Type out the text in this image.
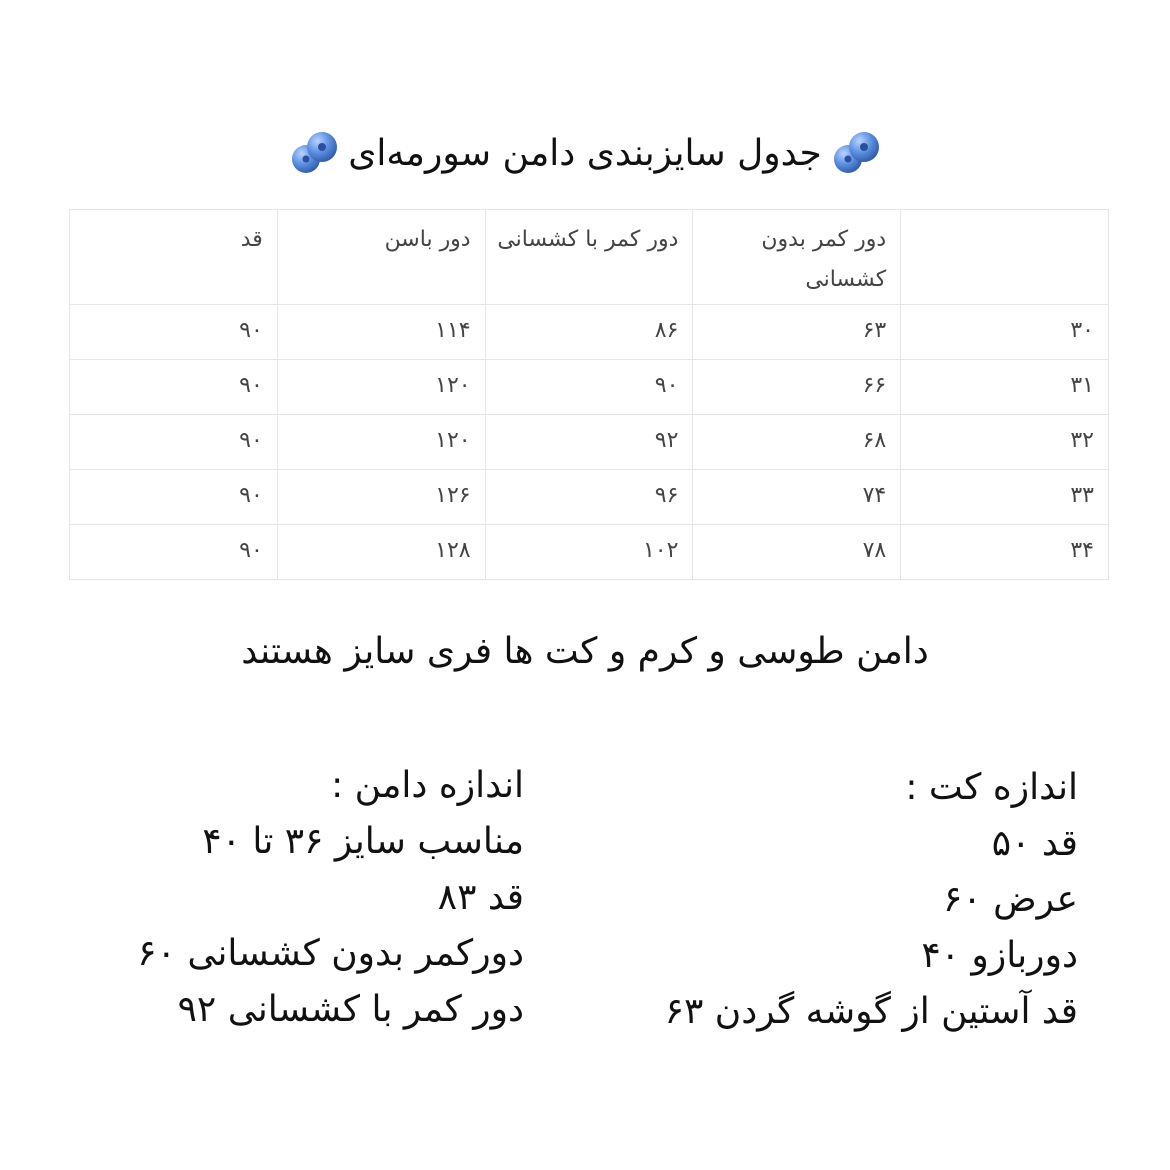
جدول سایزبندی دامن سورمه‌ای
	دور کمر بدون کشسانی	دور کمر با کشسانی	دور باسن	قد
۳۰	۶۳	۸۶	۱۱۴	۹۰
۳۱	۶۶	۹۰	۱۲۰	۹۰
۳۲	۶۸	۹۲	۱۲۰	۹۰
۳۳	۷۴	۹۶	۱۲۶	۹۰
۳۴	۷۸	۱۰۲	۱۲۸	۹۰
دامن طوسی و کرم و کت ها فری سایز هستند
اندازه کت :
قد ۵۰
عرض ۶۰
دوربازو ۴۰
قد آستین از گوشه گردن ۶۳
اندازه دامن :
مناسب سایز ۳۶ تا ۴۰
قد ۸۳
دورکمر بدون کشسانی ۶۰
دور کمر با کشسانی ۹۲
